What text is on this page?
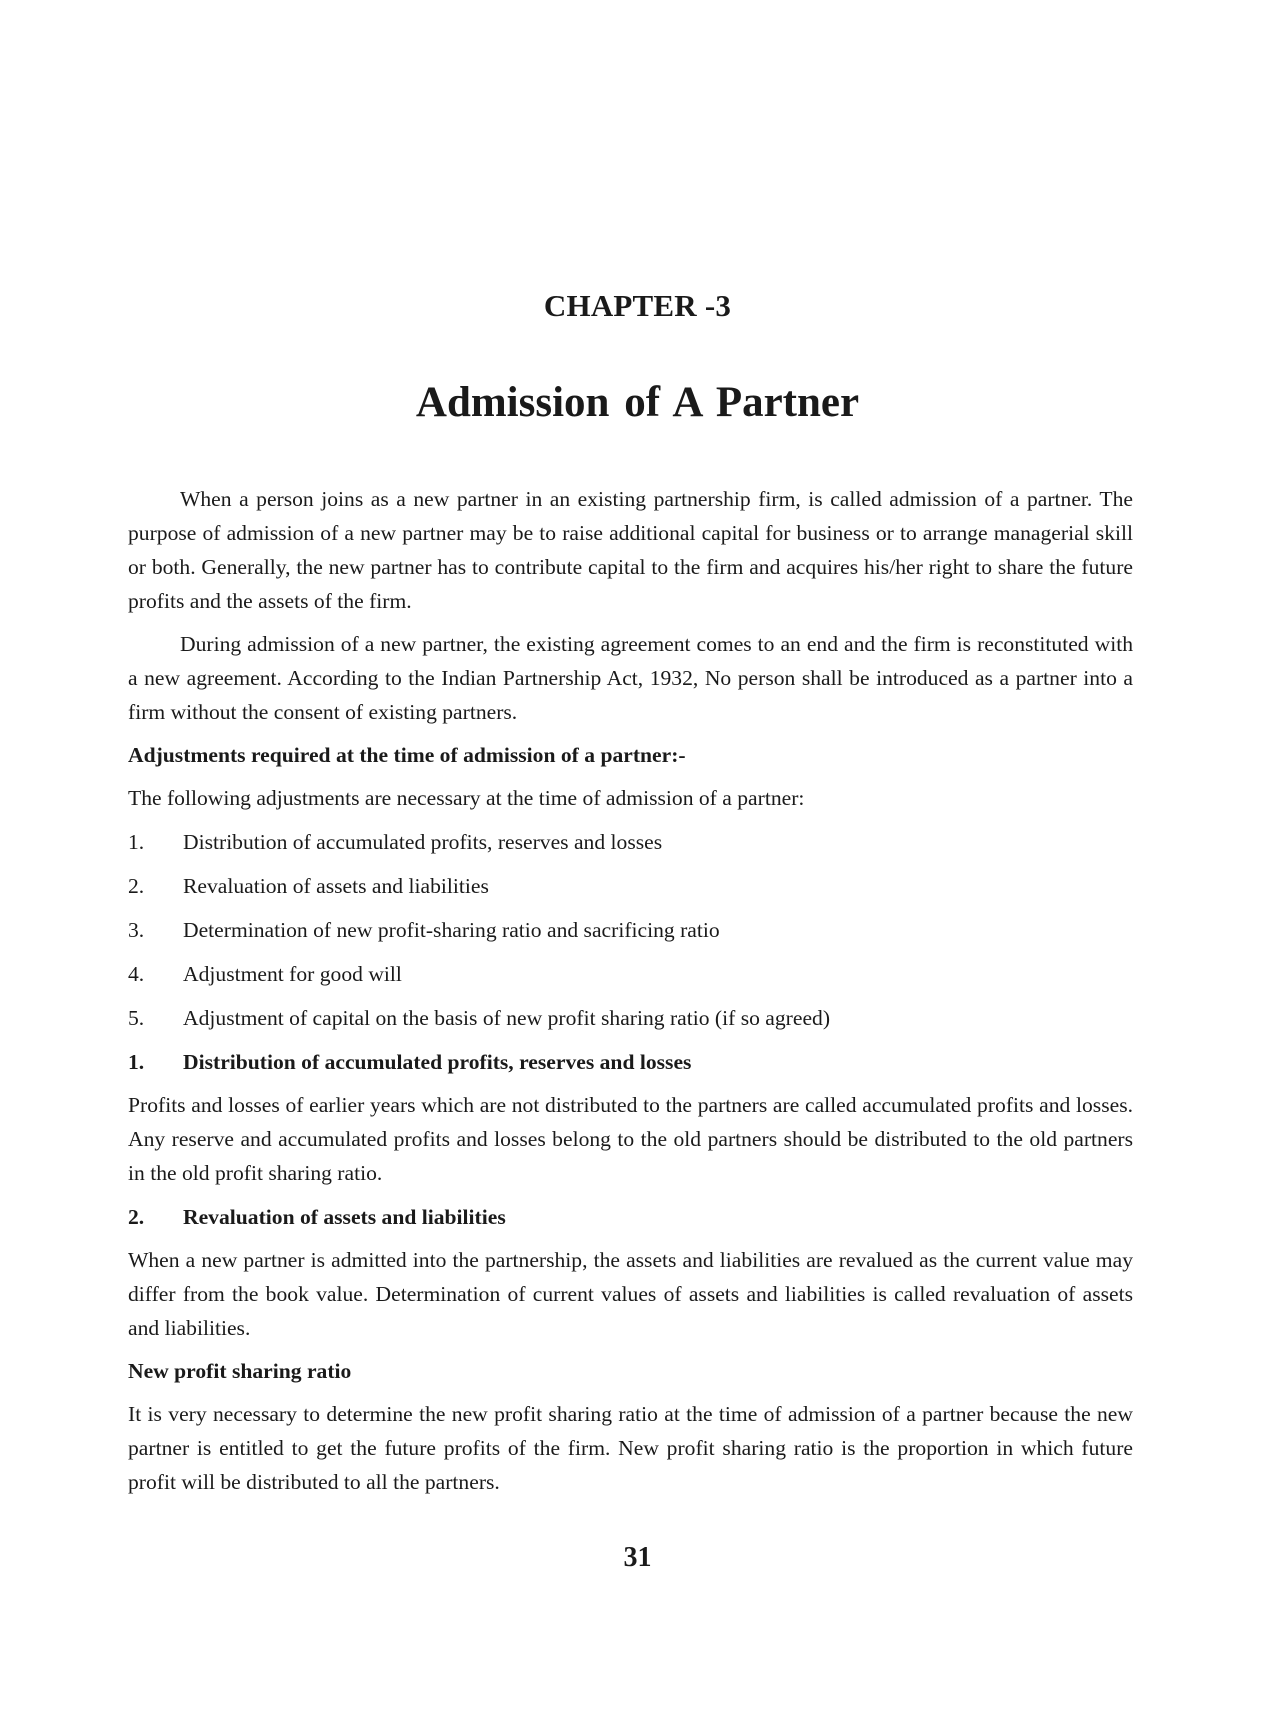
CHAPTER -3
Admission of A Partner

When a person joins as a new partner in an existing partnership firm, is called admission of a partner. The purpose of admission of a new partner may be to raise additional capital for business or to arrange managerial skill or both. Generally, the new partner has to contribute capital to the firm and acquires his/her right to share the future profits and the assets of the firm.

During admission of a new partner, the existing agreement comes to an end and the firm is reconstituted with a new agreement. According to the Indian Partnership Act, 1932, No person shall be introduced as a partner into a firm without the consent of existing partners.

Adjustments required at the time of admission of a partner:-

The following adjustments are necessary at the time of admission of a partner:

1.	Distribution of accumulated profits, reserves and losses
2.	Revaluation of assets and liabilities
3.	Determination of new profit-sharing ratio and sacrificing ratio
4.	Adjustment for good will
5.	Adjustment of capital on the basis of new profit sharing ratio (if so agreed)
1.	Distribution of accumulated profits, reserves and losses

Profits and losses of earlier years which are not distributed to the partners are called accumulated profits and losses. Any reserve and accumulated profits and losses belong to the old partners should be distributed to the old partners in the old profit sharing ratio.

2.	Revaluation of assets and liabilities

When a new partner is admitted into the partnership, the assets and liabilities are revalued as the current value may differ from the book value. Determination of current values of assets and liabilities is called revaluation of assets and liabilities.

New profit sharing ratio

It is very necessary to determine the new profit sharing ratio at the time of admission of a partner because the new partner is entitled to get the future profits of the firm. New profit sharing ratio is the proportion in which future profit will be distributed to all the partners.

31
